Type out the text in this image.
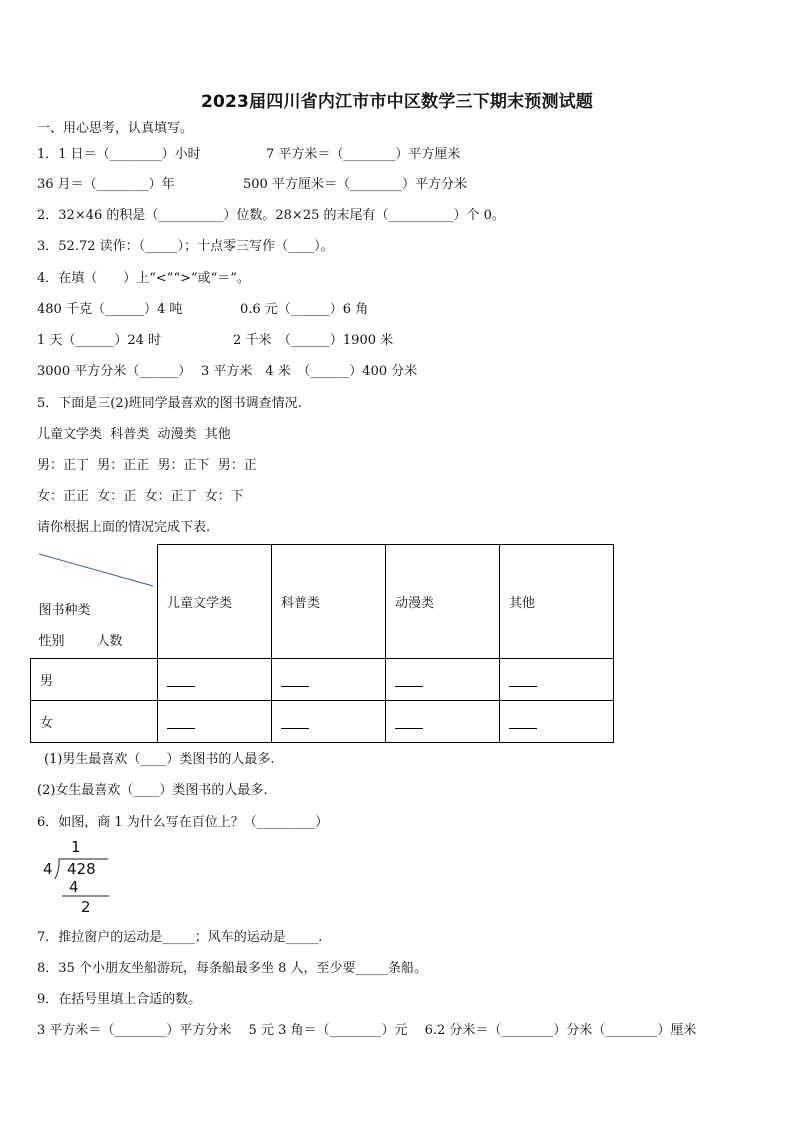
2023届四川省内江市市中区数学三下期末预测试题
一、用心思考，认真填写。
1．1 日＝（________）小时	7 平方米＝（________）平方厘米
36 月＝（________）年	500 平方厘米＝（________）平方分米
2．32×46 的积是（__________）位数。28×25 的末尾有（__________）个 0。
3．52.72 读作：（_____）；十点零三写作（____）。
4．在填（　　）上“<”“>”或“＝”。
480 千克（______）4 吨	0.6 元（______）6 角
1 天（______）24 时	2 千米　（______）1900 米
3000 平方分米（______） 3 平方米　4 米　（______）400 分米
5．下面是三(2)班同学最喜欢的图书调查情况.
儿童文学类  科普类  动漫类  其他
男：正丁  男：正正  男：正下  男：正
女：正正  女：正  女：正丁  女：下
请你根据上面的情况完成下表.
图书种类
性别 人数	儿童文学类	科普类	动漫类	其他
男				
女				
(1)男生最喜欢（____）类图书的人最多.
(2)女生最喜欢（____）类图书的人最多.
6．如图，商 1 为什么写在百位上？（_________）
1
4 428
4
2
7．推拉窗户的运动是_____；风车的运动是_____.
8．35 个小朋友坐船游玩，每条船最多坐 8 人，至少要_____条船。
9．在括号里填上合适的数。
3 平方米＝（________）平方分米　 5 元 3 角＝（________）元　 6.2 分米＝（________）分米（________）厘米
